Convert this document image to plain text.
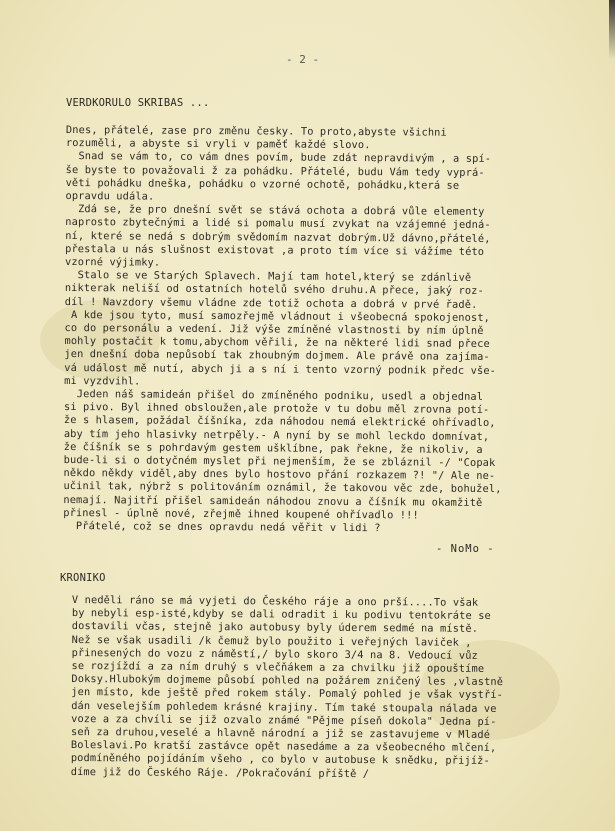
- 2 -
VERDKORULO SKRIBAS ...
Dnes, přátelé, zase pro změnu česky. To proto,abyste všichni
rozuměli, a abyste si vryli v paměť každé slovo.
Snad se vám to, co vám dnes povím, bude zdát nepravdivým , a spí-
še byste to považovali ž za pohádku. Přátelé, budu Vám tedy vyprá-
věti pohádku dneška, pohádku o vzorné ochotě, pohádku,která se
opravdu udála.
Zdá se, že pro dnešní svět se stává ochota a dobrá vůle elementy
naprosto zbytečnými a lidé si pomalu musí zvykat na vzájemné jedná-
ní, které se nedá s dobrým svědomím nazvat dobrým.Už dávno,přátelé,
přestala u nás slušnost existovat ,a proto tím více si vážíme této
vzorné výjimky.
Stalo se ve Starých Splavech. Mají tam hotel,který se zdánlivě
nikterak neliší od ostatních hotelů svého druhu.A přece, jaký roz-
díl ! Navzdory všemu vládne zde totiž ochota a dobrá v prvé řadě.
A kde jsou tyto, musí samozřejmě vládnout i všeobecná spokojenost,
co do personálu a vedení. Již výše zmíněné vlastnosti by ním úplně
mohly postačit k tomu,abychom věřili, že na některé lidi snad přece
jen dnešní doba nepůsobí tak zhoubným dojmem. Ale právě ona zajíma-
vá událost mě nutí, abych ji a s ní i tento vzorný podnik předc vše-
mi vyzdvihl.
Jeden náš samideán přišel do zmíněného podniku, usedl a objednal
si pivo. Byl ihned obsloužen,ale protože v tu dobu měl zrovna potí-
že s hlasem, požádal číšníka, zda náhodou nemá elektrické ohřívadlo,
aby tím jeho hlasivky netrpěly.- A nyní by se mohl leckdo domnívat,
že číšník se s pohrdavým gestem ušklíbne, pak řekne, že nikoliv, a
bude-li si o dotyčném myslet při nejmenším, že se zbláznil -/ "Copak
někdo někdy viděl,aby dnes bylo hostovo přání rozkazem ?! "/ Ale ne-
učinil tak, nýbrž s politováním oznámil, že takovou věc zde, bohužel,
nemají. Najitří přišel samideán náhodou znovu a číšník mu okamžitě
přinesl - úplně nové, zřejmě ihned koupené ohřívadlo !!!
Přátelé, což se dnes opravdu nedá věřit v lidi ?
- NoMo -
KRONIKO
V neděli ráno se má vyjeti do Českého ráje a ono prší....To však
by nebyli esp-isté,kdyby se dali odradit i ku podivu tentokráte se
dostavili včas, stejně jako autobusy byly úderem sedmé na místě.
Než se však usadili /k čemuž bylo použito i veřejných laviček ,
přinesených do vozu z náměstí,/ bylo skoro 3/4 na 8. Vedoucí vůz
se rozjíždí a za ním druhý s vlečňákem a za chvilku již opouštíme
Doksy.Hlubokým dojmeme působí pohled na požárem zničený les ,vlastně
jen místo, kde ještě před rokem stály. Pomalý pohled je však vystří-
dán veselejším pohledem krásné krajiny. Tím také stoupala nálada ve
voze a za chvíli se již ozvalo známé "Pějme píseň dokola" Jedna pí-
seň za druhou,veselé a hlavně národní a již se zastavujeme v Mladé
Boleslavi.Po kratší zastávce opět nasedáme a za všeobecného mlčení,
podmíněného pojídáním všeho , co bylo v autobuse k snědku, přijíž-
díme již do Českého Ráje. /Pokračování příště /
